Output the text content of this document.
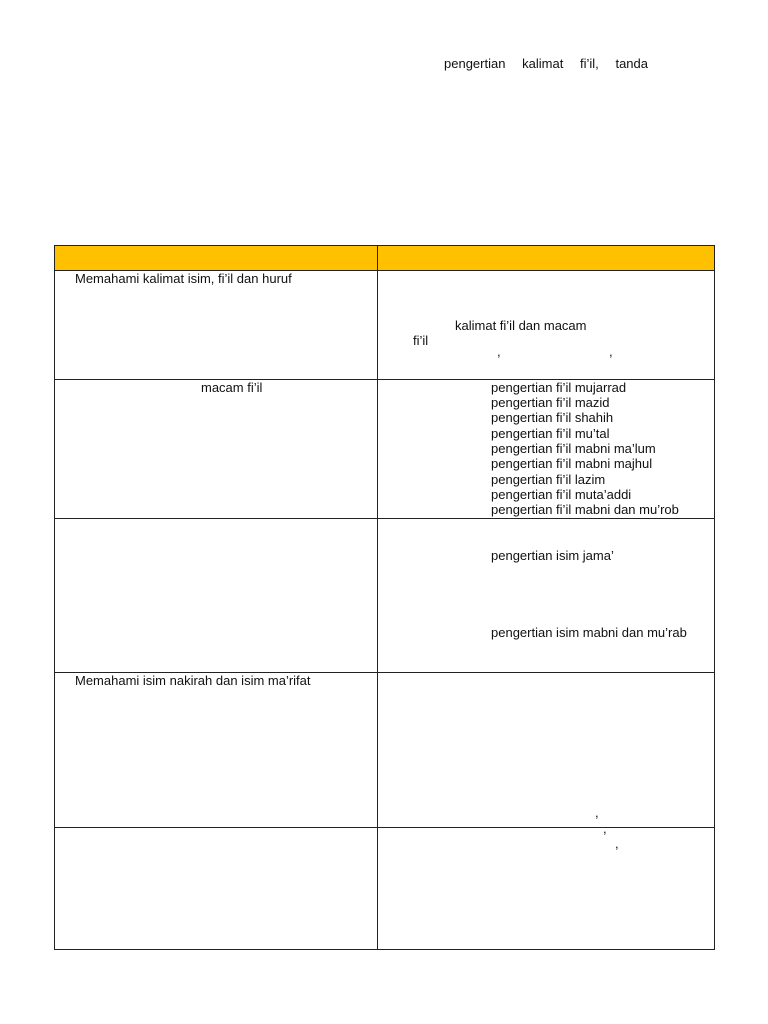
Memahami kalimat isim, fi’il dan huruf
pengertian kalimat fi’il, tanda
kalimat fi’il dan macam
fi’il
,	,
macam fi’il	pengertian fi’il mujarrad
pengertian fi’il mazid
pengertian fi’il shahih
pengertian fi’il mu’tal
pengertian fi’il mabni ma’lum
pengertian fi’il mabni majhul
pengertian fi’il lazim
pengertian fi’il muta’addi
pengertian fi’il mabni dan mu’rob
pengertian isim jama’
pengertian isim mabni dan mu’rab
Memahami isim nakirah dan isim ma’rifat
,
,
,
